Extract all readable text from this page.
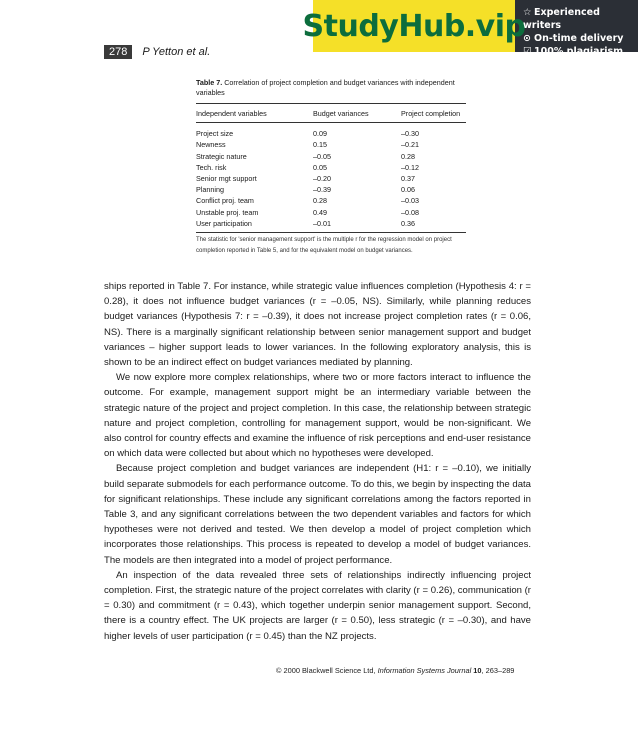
StudyHub.vip
☆ Experienced writers
⊙ On-time delivery
☑ 100% plagiarism free
278	P Yetton et al.
Table 7. Correlation of project completion and budget variances with independent variables
Independent variables	Budget variances	Project completion
Project size	0.09	–0.30
Newness	0.15	–0.21
Strategic nature	–0.05	0.28
Tech. risk	0.05	–0.12
Senior mgt support	–0.20	0.37
Planning	–0.39	0.06
Conflict proj. team	0.28	–0.03
Unstable proj. team	0.49	–0.08
User participation	–0.01	0.36
The statistic for 'senior management support' is the multiple r for the regression model on project completion reported in Table 5, and for the equivalent model on budget variances.

ships reported in Table 7. For instance, while strategic value influences completion (Hypothesis 4: r = 0.28), it does not influence budget variances (r = –0.05, NS). Similarly, while planning reduces budget variances (Hypothesis 7: r = –0.39), it does not increase project completion rates (r = 0.06, NS). There is a marginally significant relationship between senior management support and budget variances – higher support leads to lower variances. In the following exploratory analysis, this is shown to be an indirect effect on budget variances mediated by planning.

We now explore more complex relationships, where two or more factors interact to influence the outcome. For example, management support might be an intermediary variable between the strategic nature of the project and project completion. In this case, the relationship between strategic nature and project completion, controlling for management support, would be non-significant. We also control for country effects and examine the influence of risk perceptions and end-user resistance on which data were collected but about which no hypotheses were developed.

Because project completion and budget variances are independent (H1: r = –0.10), we initially build separate submodels for each performance outcome. To do this, we begin by inspecting the data for significant relationships. These include any significant correlations among the factors reported in Table 3, and any significant correlations between the two dependent variables and factors for which hypotheses were not derived and tested. We then develop a model of project completion which incorporates those relationships. This process is repeated to develop a model of budget variances. The models are then integrated into a model of project performance.

An inspection of the data revealed three sets of relationships indirectly influencing project completion. First, the strategic nature of the project correlates with clarity (r = 0.26), communication (r = 0.30) and commitment (r = 0.43), which together underpin senior management support. Second, there is a country effect. The UK projects are larger (r = 0.50), less strategic (r = –0.30), and have higher levels of user participation (r = 0.45) than the NZ projects.

© 2000 Blackwell Science Ltd, Information Systems Journal 10, 263–289
